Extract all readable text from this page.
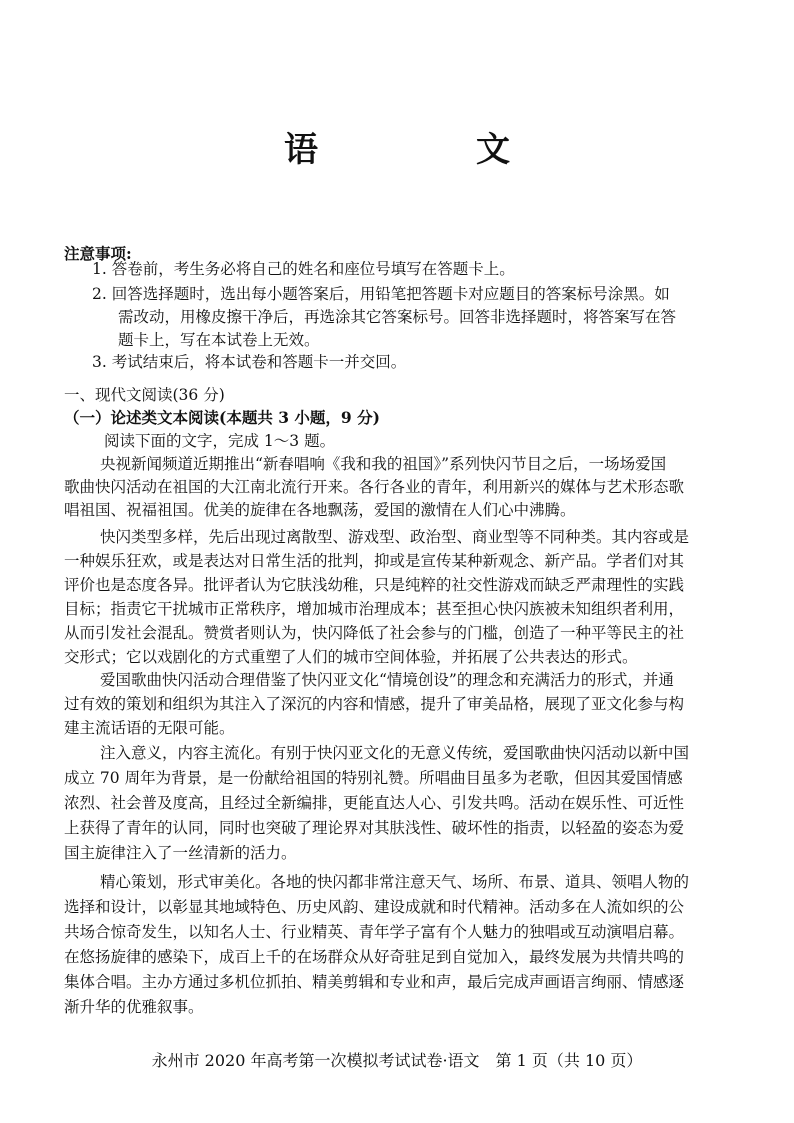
语　文
注意事项:
1. 答卷前，考生务必将自己的姓名和座位号填写在答题卡上。
2. 回答选择题时，选出每小题答案后，用铅笔把答题卡对应题目的答案标号涂黑。如
需改动，用橡皮擦干净后，再选涂其它答案标号。回答非选择题时，将答案写在答
题卡上，写在本试卷上无效。
3. 考试结束后，将本试卷和答题卡一并交回。
一、现代文阅读(36 分)
（一）论述类文本阅读(本题共 3 小题，9 分)
阅读下面的文字，完成 1～3 题。
央视新闻频道近期推出“新春唱响《我和我的祖国》”系列快闪节目之后，一场场爱国
歌曲快闪活动在祖国的大江南北流行开来。各行各业的青年，利用新兴的媒体与艺术形态歌
唱祖国、祝福祖国。优美的旋律在各地飘荡，爱国的激情在人们心中沸腾。
快闪类型多样，先后出现过离散型、游戏型、政治型、商业型等不同种类。其内容或是
一种娱乐狂欢，或是表达对日常生活的批判，抑或是宣传某种新观念、新产品。学者们对其
评价也是态度各异。批评者认为它肤浅幼稚，只是纯粹的社交性游戏而缺乏严肃理性的实践
目标；指责它干扰城市正常秩序，增加城市治理成本；甚至担心快闪族被未知组织者利用，
从而引发社会混乱。赞赏者则认为，快闪降低了社会参与的门槛，创造了一种平等民主的社
交形式；它以戏剧化的方式重塑了人们的城市空间体验，并拓展了公共表达的形式。
爱国歌曲快闪活动合理借鉴了快闪亚文化“情境创设”的理念和充满活力的形式，并通
过有效的策划和组织为其注入了深沉的内容和情感，提升了审美品格，展现了亚文化参与构
建主流话语的无限可能。
注入意义，内容主流化。有别于快闪亚文化的无意义传统，爱国歌曲快闪活动以新中国
成立 70 周年为背景，是一份献给祖国的特别礼赞。所唱曲目虽多为老歌，但因其爱国情感
浓烈、社会普及度高，且经过全新编排，更能直达人心、引发共鸣。活动在娱乐性、可近性
上获得了青年的认同，同时也突破了理论界对其肤浅性、破坏性的指责，以轻盈的姿态为爱
国主旋律注入了一丝清新的活力。
精心策划，形式审美化。各地的快闪都非常注意天气、场所、布景、道具、领唱人物的
选择和设计，以彰显其地域特色、历史风韵、建设成就和时代精神。活动多在人流如织的公
共场合惊奇发生，以知名人士、行业精英、青年学子富有个人魅力的独唱或互动演唱启幕。
在悠扬旋律的感染下，成百上千的在场群众从好奇驻足到自觉加入，最终发展为共情共鸣的
集体合唱。主办方通过多机位抓拍、精美剪辑和专业和声，最后完成声画语言绚丽、情感逐
渐升华的优雅叙事。
永州市 2020 年高考第一次模拟考试试卷·语文　第 1 页（共 10 页）
